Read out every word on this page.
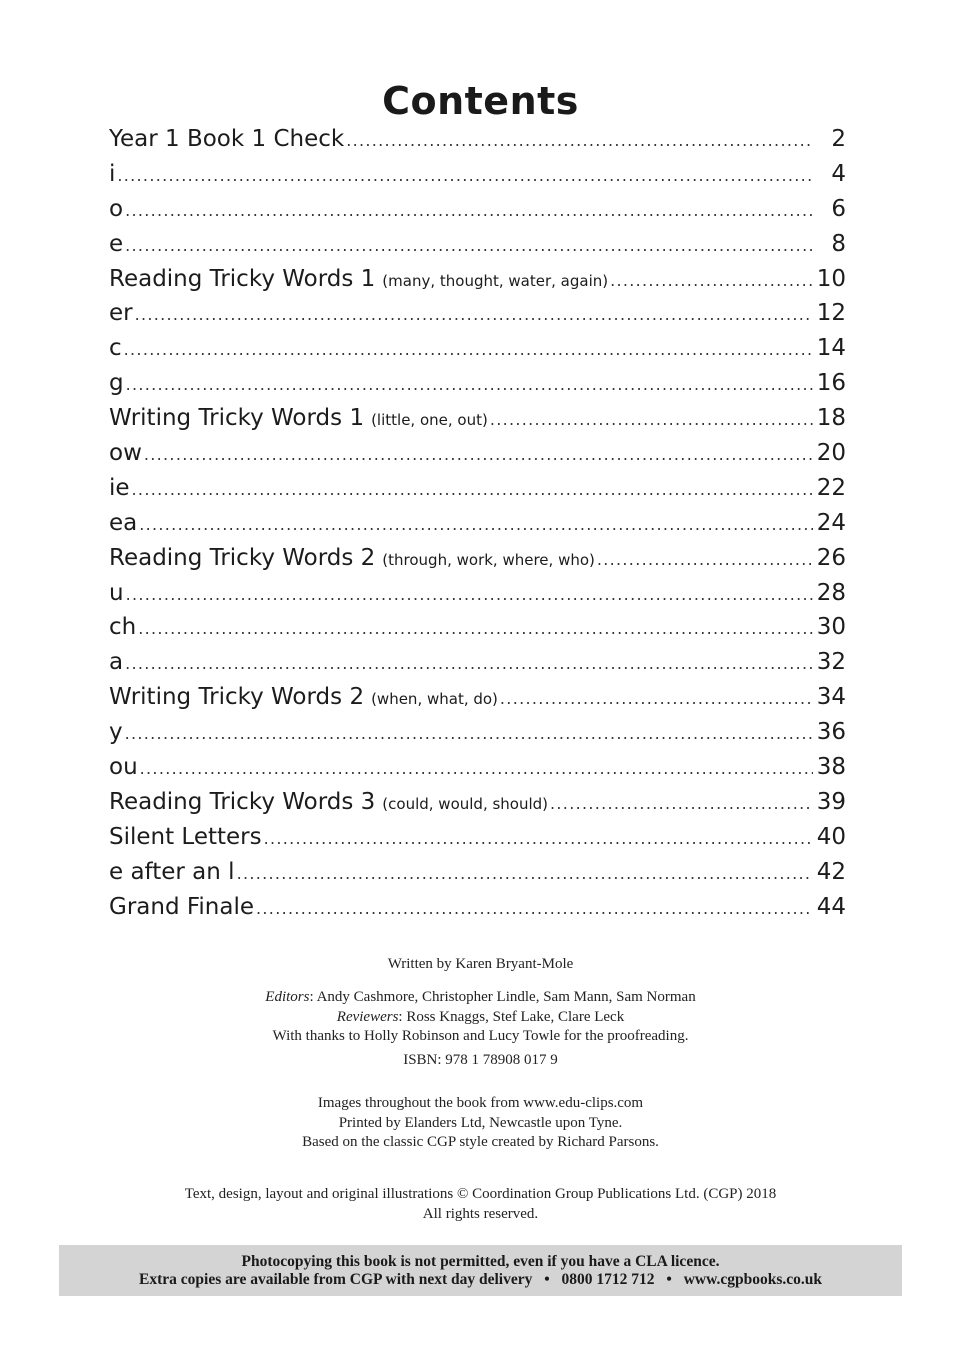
Contents
Year 1 Book 1 Check .....	2
i .....	4
o .....	6
e .....	8
Reading Tricky Words 1 (many, thought, water, again) .....	10
er .....	12
c .....	14
g .....	16
Writing Tricky Words 1 (little, one, out) .....	18
ow .....	20
ie .....	22
ea .....	24
Reading Tricky Words 2 (through, work, where, who) .....	26
u .....	28
ch .....	30
a .....	32
Writing Tricky Words 2 (when, what, do) .....	34
y .....	36
ou .....	38
Reading Tricky Words 3 (could, would, should) .....	39
Silent Letters .....	40
e after an l .....	42
Grand Finale .....	44

Written by Karen Bryant-Mole

Editors: Andy Cashmore, Christopher Lindle, Sam Mann, Sam Norman

Reviewers: Ross Knaggs, Stef Lake, Clare Leck

With thanks to Holly Robinson and Lucy Towle for the proofreading.

ISBN: 978 1 78908 017 9

Images throughout the book from www.edu-clips.com

Printed by Elanders Ltd, Newcastle upon Tyne.

Based on the classic CGP style created by Richard Parsons.

Text, design, layout and original illustrations © Coordination Group Publications Ltd. (CGP) 2018

All rights reserved.

Photocopying this book is not permitted, even if you have a CLA licence.
Extra copies are available from CGP with next day delivery • 0800 1712 712 • www.cgpbooks.co.uk
